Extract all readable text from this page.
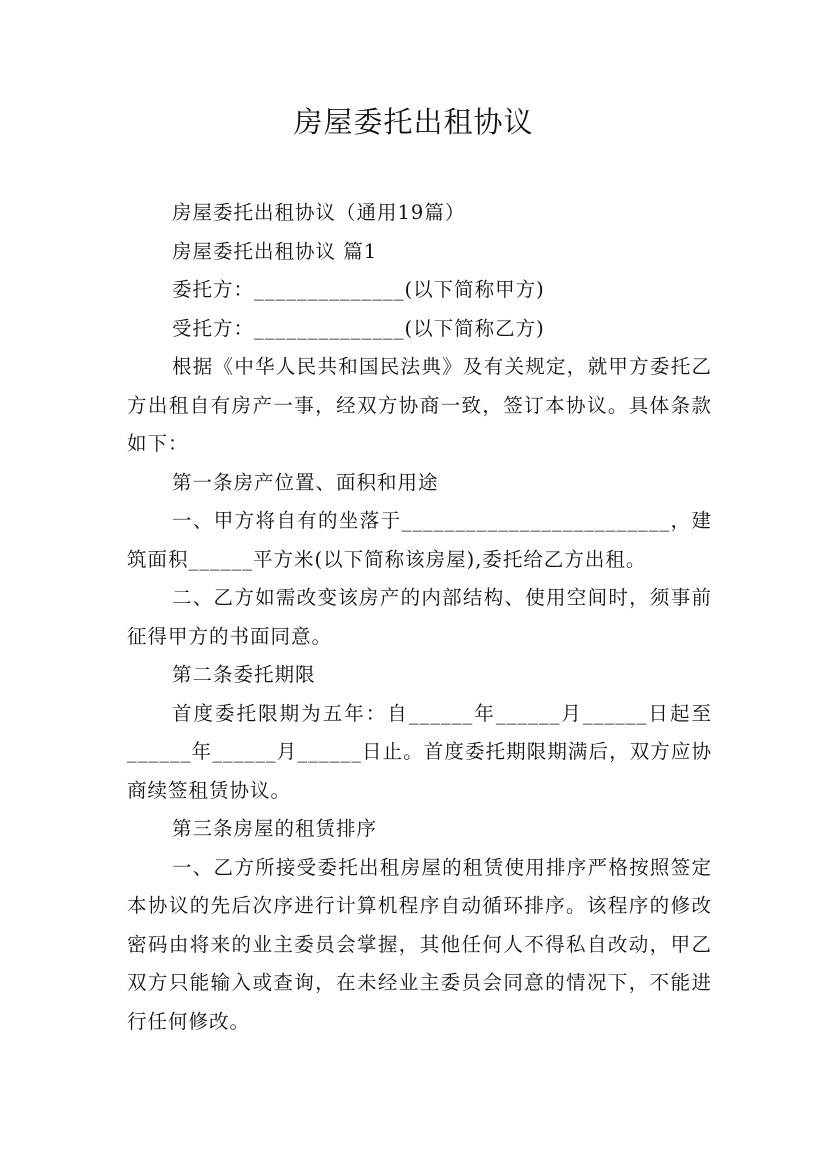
房屋委托出租协议

房屋委托出租协议（通用19篇）

房屋委托出租协议 篇1

委托方：______________(以下简称甲方)

受托方：______________(以下简称乙方)

根据《中华人民共和国民法典》及有关规定，就甲方委托乙方出租自有房产一事，经双方协商一致，签订本协议。具体条款如下：

第一条房产位置、面积和用途

一、甲方将自有的坐落于_________________________，建筑面积______平方米(以下简称该房屋),委托给乙方出租。

二、乙方如需改变该房产的内部结构、使用空间时，须事前征得甲方的书面同意。

第二条委托期限

首度委托限期为五年：自______年______月______日起至______年______月______日止。首度委托期限期满后，双方应协商续签租赁协议。

第三条房屋的租赁排序

一、乙方所接受委托出租房屋的租赁使用排序严格按照签定本协议的先后次序进行计算机程序自动循环排序。该程序的修改密码由将来的业主委员会掌握，其他任何人不得私自改动，甲乙双方只能输入或查询，在未经业主委员会同意的情况下，不能进行任何修改。
